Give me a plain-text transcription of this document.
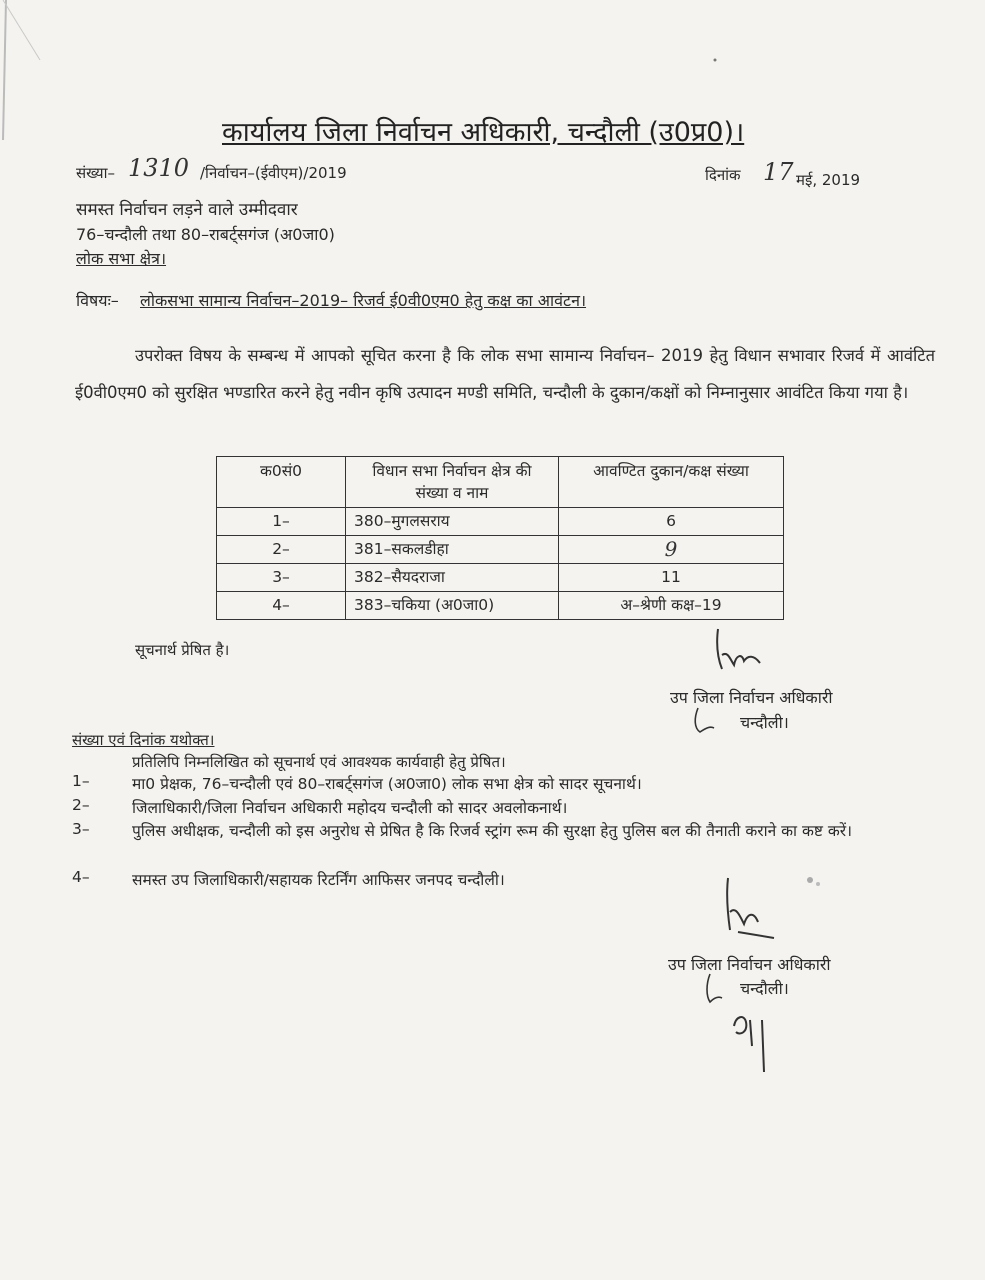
कार्यालय जिला निर्वाचन अधिकारी, चन्दौली (उ0प्र0)।
संख्या– 1310 /निर्वाचन–(ईवीएम)/2019	दिनांक 17 मई, 2019
समस्त निर्वाचन लड़ने वाले उम्मीदवार
76–चन्दौली तथा 80–राबर्ट्सगंज (अ0जा0)
लोक सभा क्षेत्र।
विषयः– लोकसभा सामान्य निर्वाचन–2019– रिजर्व ई0वी0एम0 हेतु कक्ष का आवंटन।
उपरोक्त विषय के सम्बन्ध में आपको सूचित करना है कि लोक सभा सामान्य निर्वाचन– 2019 हेतु विधान सभावार रिजर्व में आवंटित ई0वी0एम0 को सुरक्षित भण्डारित करने हेतु नवीन कृषि उत्पादन मण्डी समिति, चन्दौली के दुकान/कक्षों को निम्नानुसार आवंटित किया गया है।
क0सं0	विधान सभा निर्वाचन क्षेत्र की संख्या व नाम	आवण्टित दुकान/कक्ष संख्या
1–	380–मुगलसराय	6
2–	381–सकलडीहा	9
3–	382–सैयदराजा	11
4–	383–चकिया (अ0जा0)	अ–श्रेणी कक्ष–19
सूचनार्थ प्रेषित है।
उप जिला निर्वाचन अधिकारी
चन्दौली।
संख्या एवं दिनांक यथोक्त।
प्रतिलिपि निम्नलिखित को सूचनार्थ एवं आवश्यक कार्यवाही हेतु प्रेषित।
1–	मा0 प्रेक्षक, 76–चन्दौली एवं 80–राबर्ट्सगंज (अ0जा0) लोक सभा क्षेत्र को सादर सूचनार्थ।
2–	जिलाधिकारी/जिला निर्वाचन अधिकारी महोदय चन्दौली को सादर अवलोकनार्थ।
3–	पुलिस अधीक्षक, चन्दौली को इस अनुरोध से प्रेषित है कि रिजर्व स्ट्रांग रूम की सुरक्षा हेतु पुलिस बल की तैनाती कराने का कष्ट करें।
4–	समस्त उप जिलाधिकारी/सहायक रिटर्निंग आफिसर जनपद चन्दौली।
उप जिला निर्वाचन अधिकारी
चन्दौली।
